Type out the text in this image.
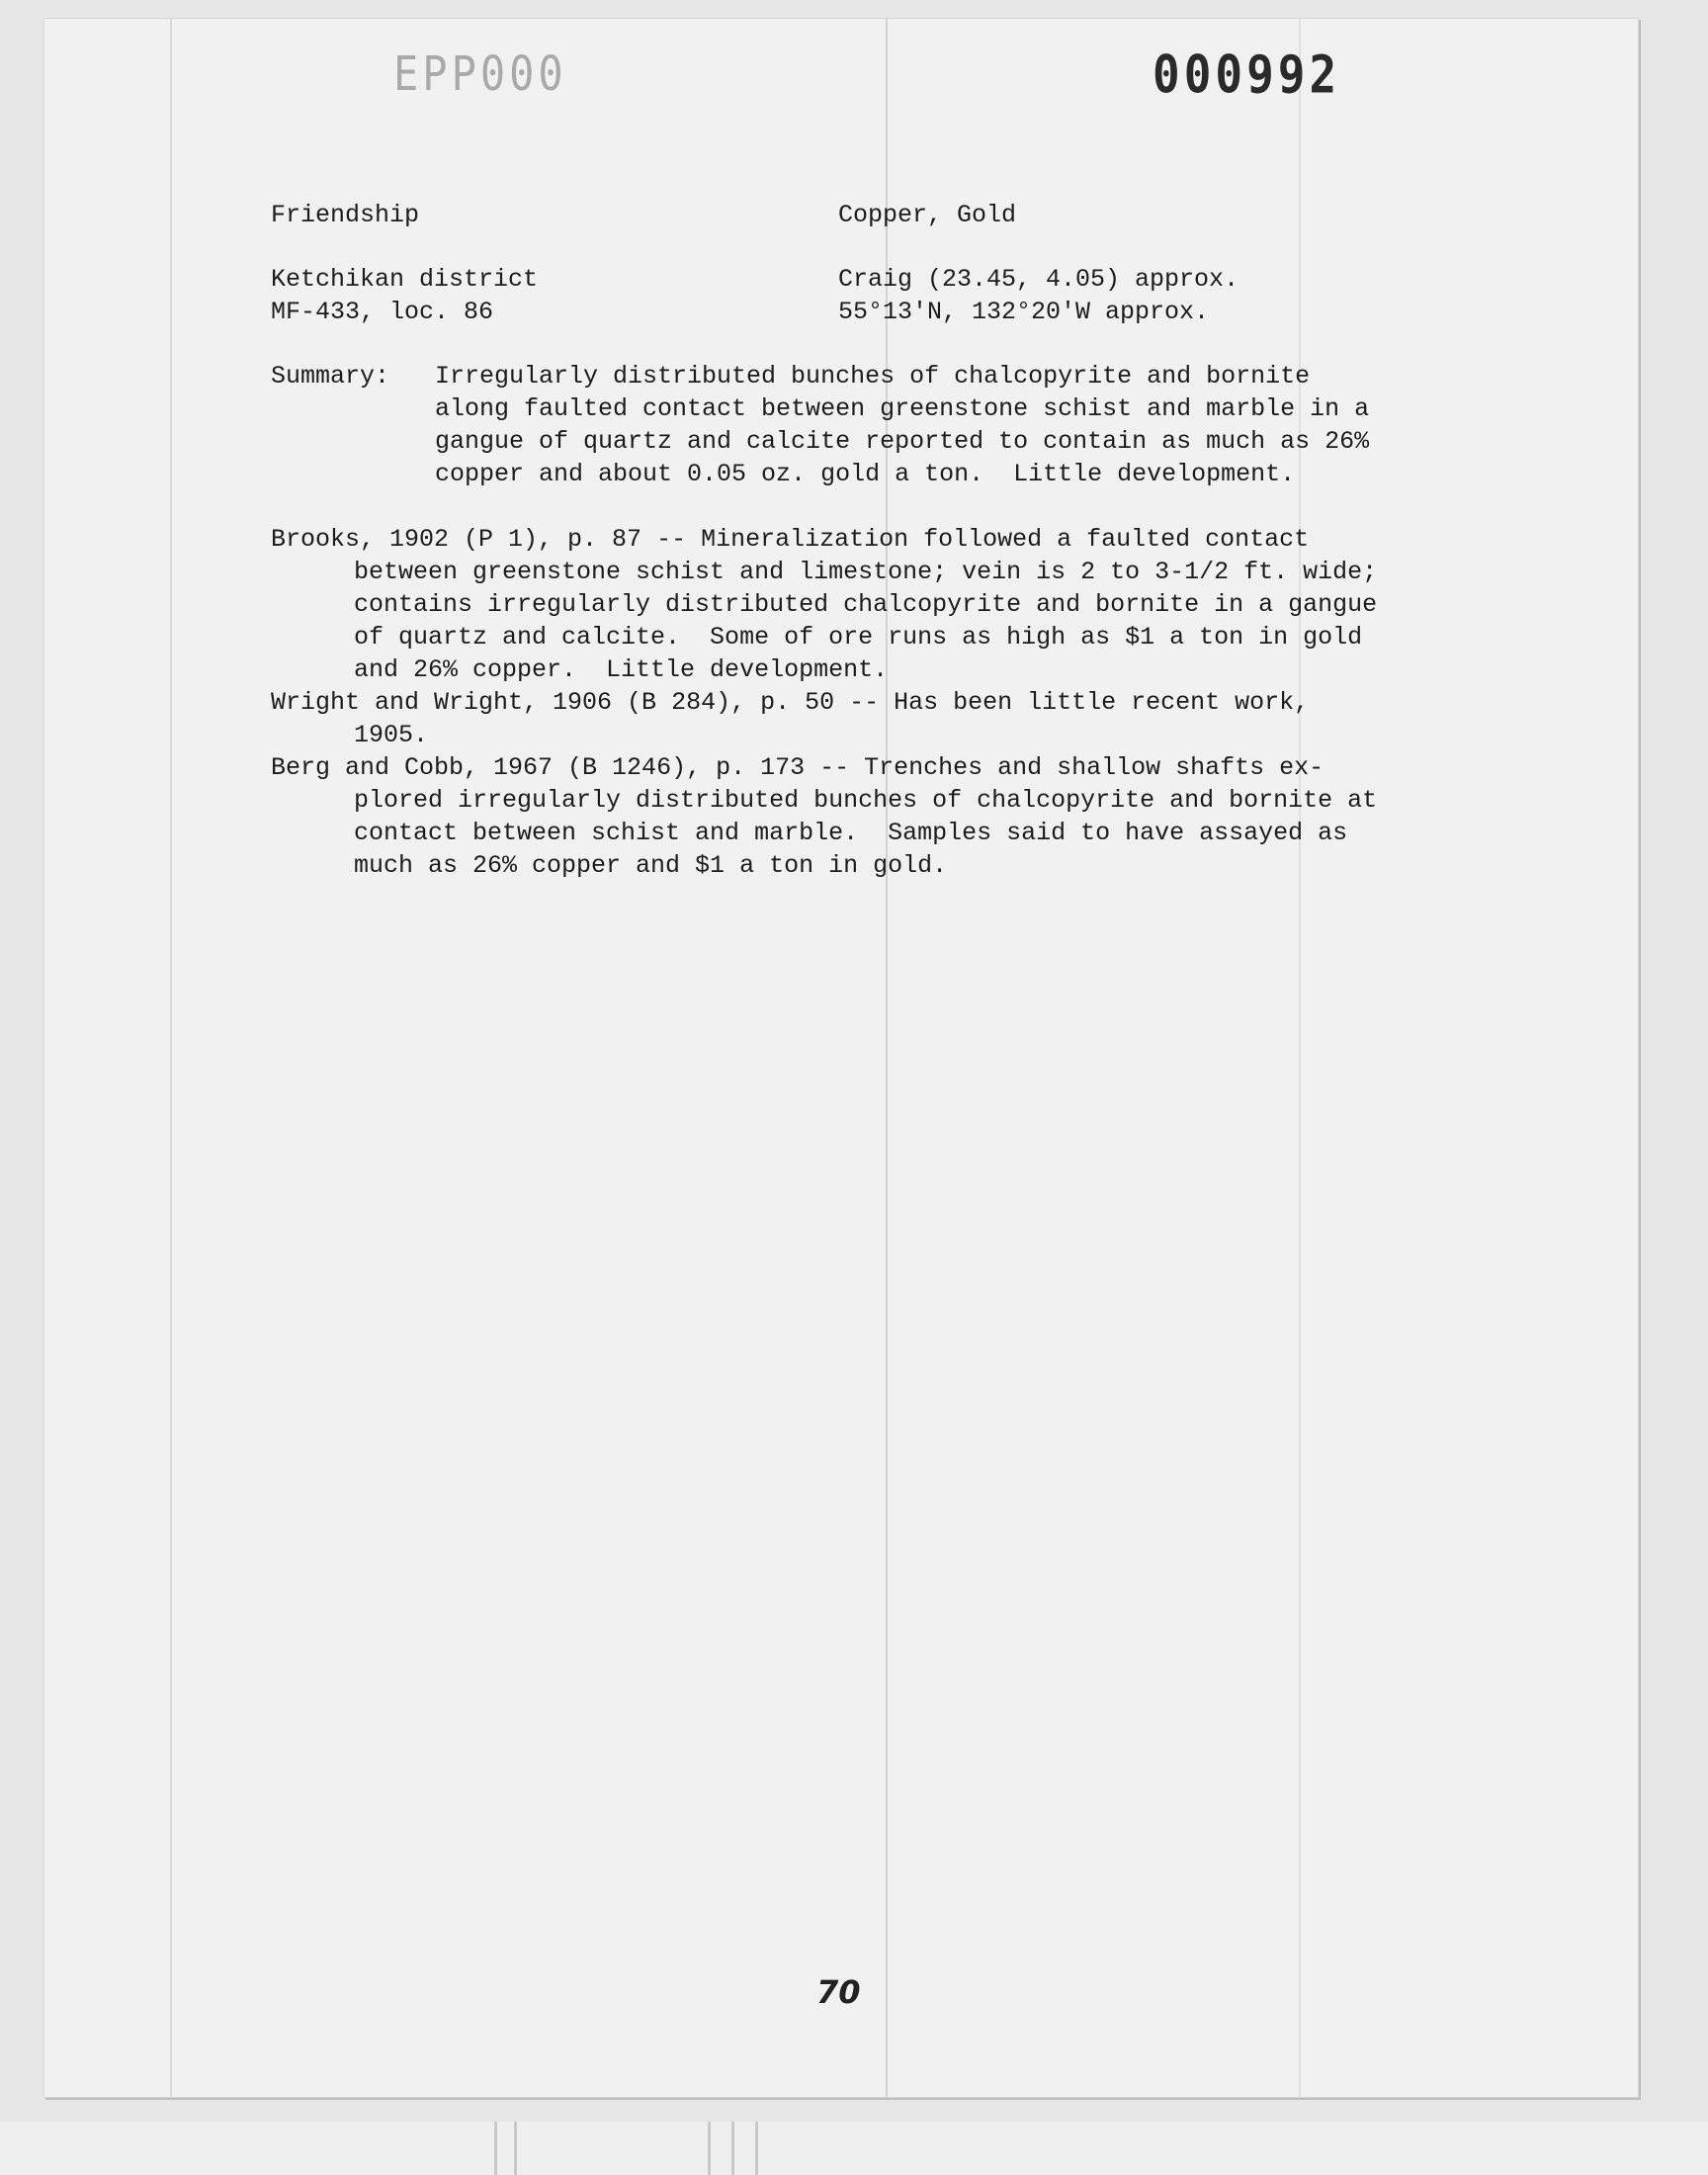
EPP000	000992
Friendship	Copper, Gold
Ketchikan district	Craig (23.45, 4.05) approx.
MF-433, loc. 86	55°13'N, 132°20'W approx.
Summary: Irregularly distributed bunches of chalcopyrite and bornite
along faulted contact between greenstone schist and marble in a
gangue of quartz and calcite reported to contain as much as 26%
copper and about 0.05 oz. gold a ton.  Little development.
Brooks, 1902 (P 1), p. 87 -- Mineralization followed a faulted contact
between greenstone schist and limestone; vein is 2 to 3-1/2 ft. wide;
contains irregularly distributed chalcopyrite and bornite in a gangue
of quartz and calcite.  Some of ore runs as high as $1 a ton in gold
and 26% copper.  Little development.
Wright and Wright, 1906 (B 284), p. 50 -- Has been little recent work,
1905.
Berg and Cobb, 1967 (B 1246), p. 173 -- Trenches and shallow shafts ex-
plored irregularly distributed bunches of chalcopyrite and bornite at
contact between schist and marble.  Samples said to have assayed as
much as 26% copper and $1 a ton in gold.
70
